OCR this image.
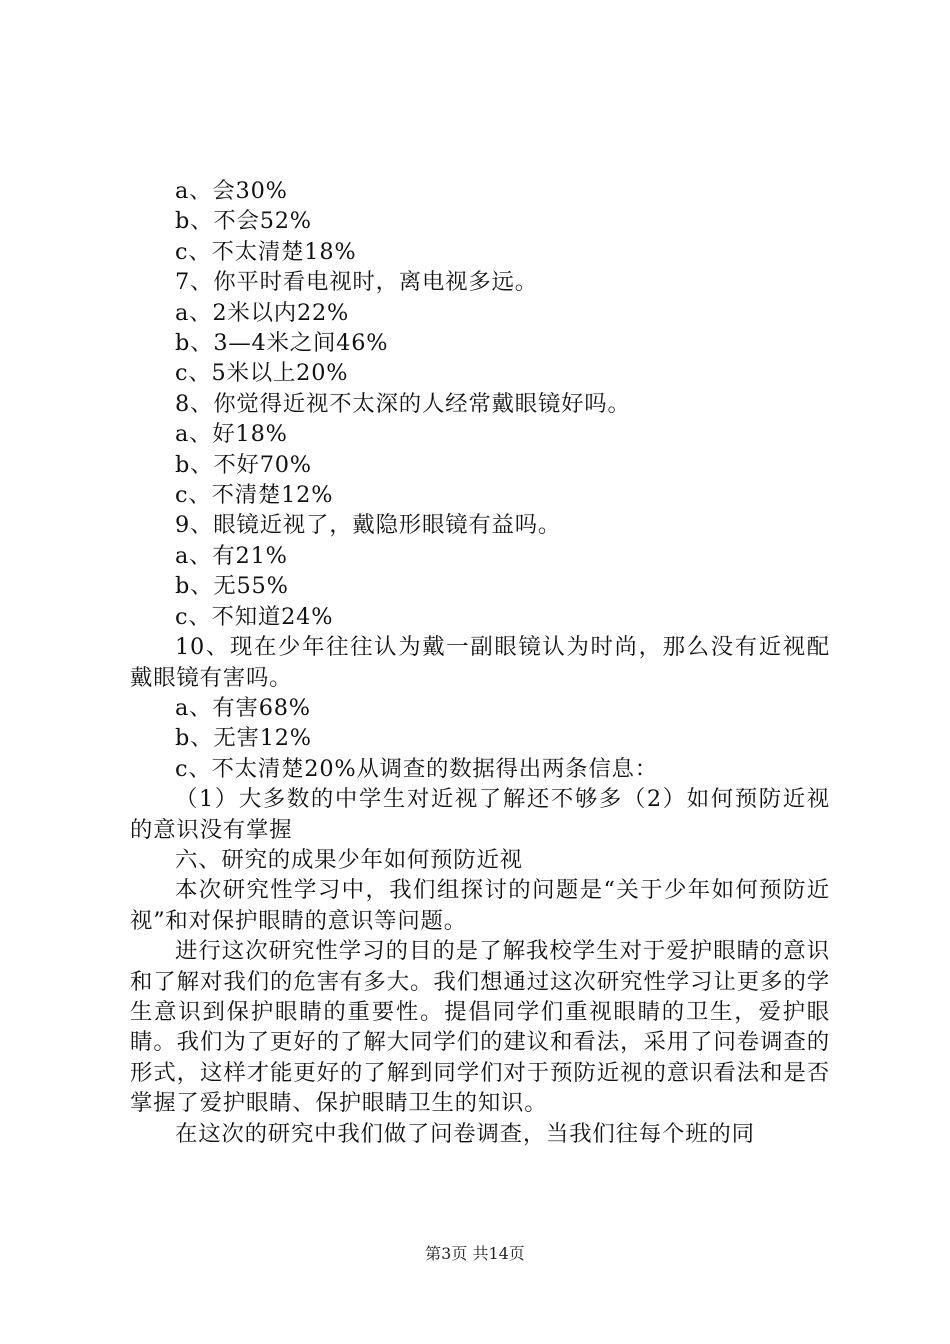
a、会30%

b、不会52%

c、不太清楚18%

7、你平时看电视时，离电视多远。

a、2米以内22%

b、3—4米之间46%

c、5米以上20%

8、你觉得近视不太深的人经常戴眼镜好吗。

a、好18%

b、不好70%

c、不清楚12%

9、眼镜近视了，戴隐形眼镜有益吗。

a、有21%

b、无55%

c、不知道24%

10、现在少年往往认为戴一副眼镜认为时尚，那么没有近视配戴眼镜有害吗。

a、有害68%

b、无害12%

c、不太清楚20%从调查的数据得出两条信息：

（1）大多数的中学生对近视了解还不够多（2）如何预防近视的意识没有掌握

六、研究的成果少年如何预防近视

本次研究性学习中，我们组探讨的问题是“关于少年如何预防近视”和对保护眼睛的意识等问题。

进行这次研究性学习的目的是了解我校学生对于爱护眼睛的意识和了解对我们的危害有多大。我们想通过这次研究性学习让更多的学生意识到保护眼睛的重要性。提倡同学们重视眼睛的卫生，爱护眼睛。我们为了更好的了解大同学们的建议和看法，采用了问卷调查的形式，这样才能更好的了解到同学们对于预防近视的意识看法和是否掌握了爱护眼睛、保护眼睛卫生的知识。

在这次的研究中我们做了问卷调查，当我们往每个班的同

第3页 共14页
